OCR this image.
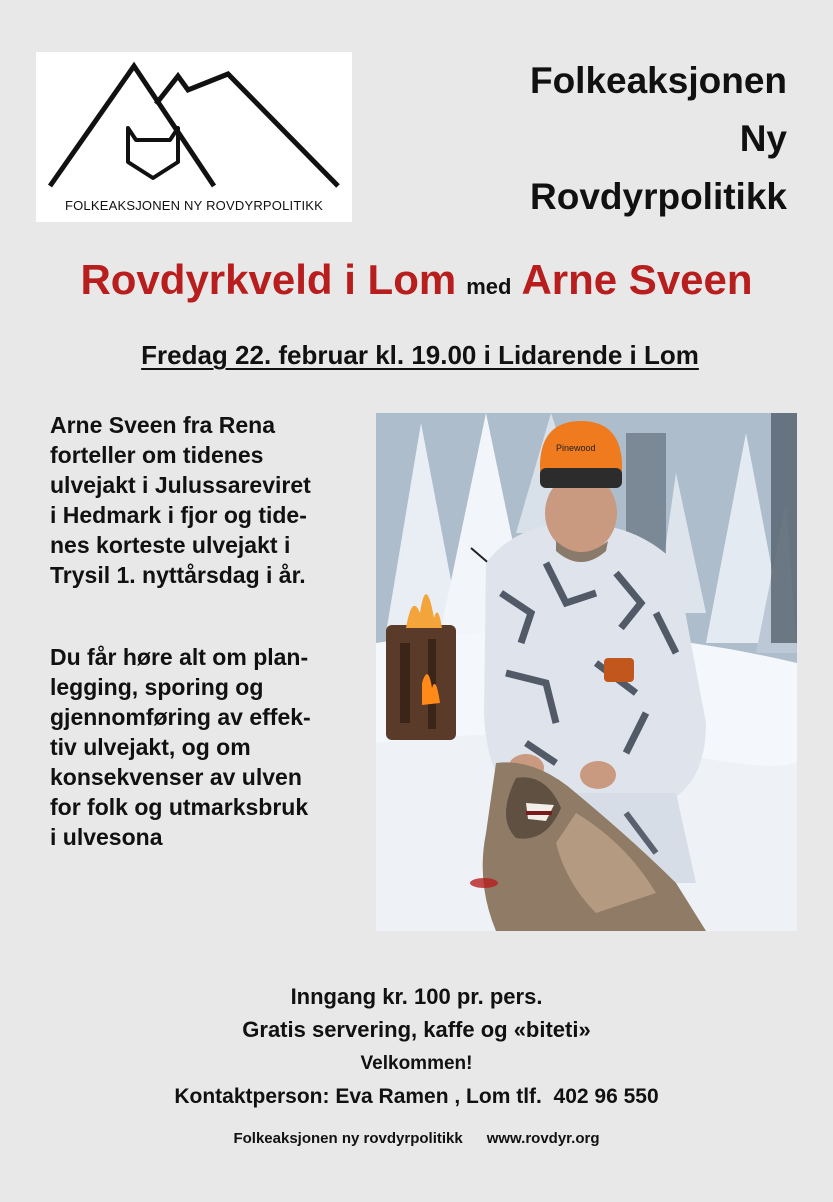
FOLKEAKSJONEN NY ROVDYRPOLITIKK
Folkeaksjonen
Ny
Rovdyrpolitikk
Rovdyrkveld i Lom med Arne Sveen
Fredag 22. februar kl. 19.00 i Lidarende i Lom
Arne Sveen fra Rena
forteller om tidenes
ulvejakt i Julussareviret
i Hedmark i fjor og tide-
nes korteste ulvejakt i
Trysil 1. nyttårsdag i år.
Du får høre alt om plan-
legging, sporing og
gjennomføring av effek-
tiv ulvejakt, og om
konsekvenser av ulven
for folk og utmarksbruk
i ulvesona
Pinewood
Inngang kr. 100 pr. pers.
Gratis servering, kaffe og «biteti»
Velkommen!
Kontaktperson: Eva Ramen , Lom tlf.  402 96 550
Folkeaksjonen ny rovdyrpolitikk www.rovdyr.org
